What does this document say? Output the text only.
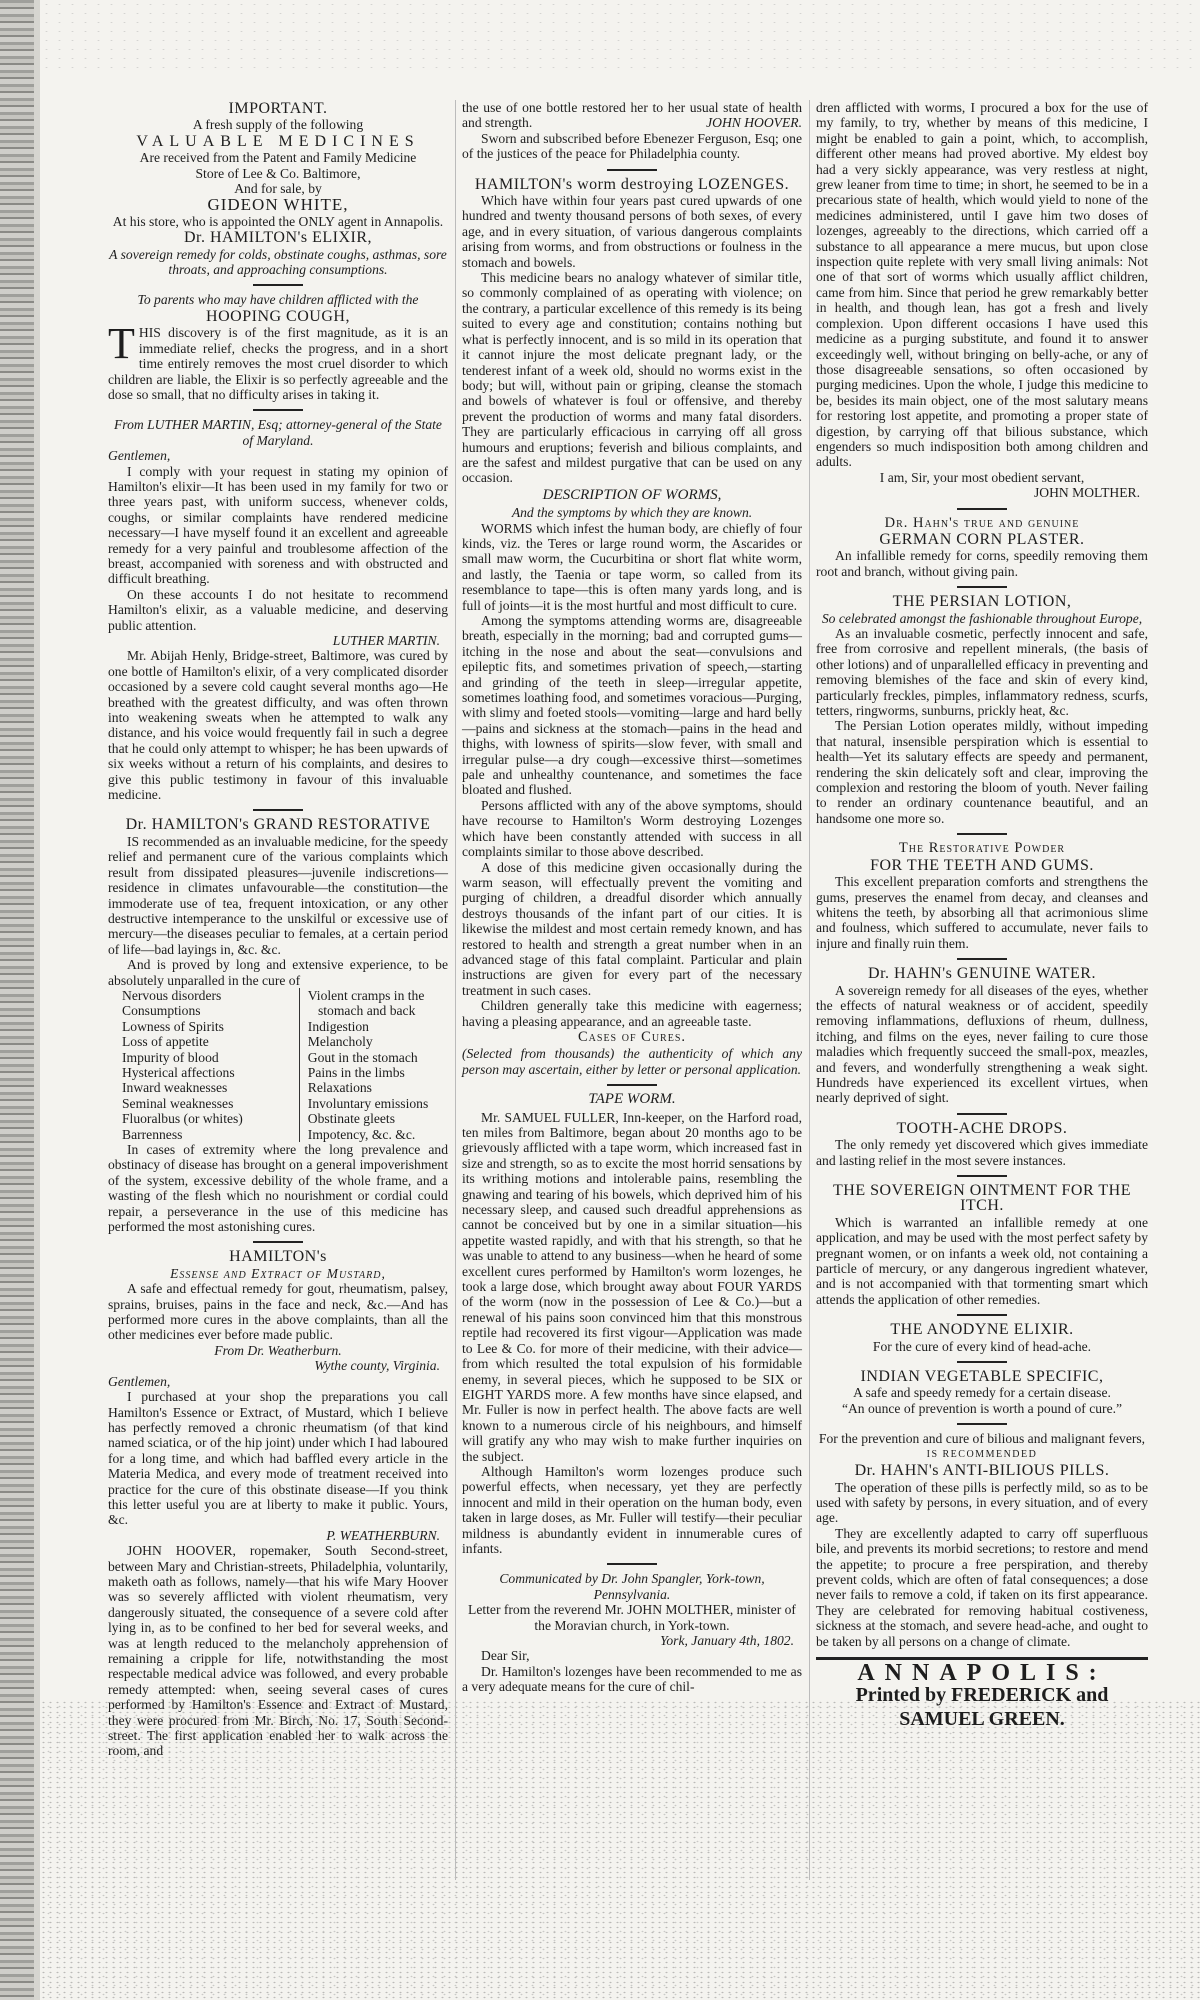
IMPORTANT.

A fresh supply of the following

VALUABLE MEDICINES

Are received from the Patent and Family Medicine

Store of Lee & Co. Baltimore,

And for sale, by

GIDEON WHITE,

At his store, who is appointed the ONLY agent in Annapolis.

Dr. HAMILTON's ELIXIR,

A sovereign remedy for colds, obstinate coughs, asthmas, sore throats, and approaching consumptions.

To parents who may have children afflicted with the

HOOPING COUGH,

THIS discovery is of the first magnitude, as it is an immediate relief, checks the progress, and in a short time entirely removes the most cruel disorder to which children are liable, the Elixir is so perfectly agreeable and the dose so small, that no difficulty arises in taking it.

From LUTHER MARTIN, Esq; attorney-general of the State of Maryland.

Gentlemen,

I comply with your request in stating my opinion of Hamilton's elixir—It has been used in my family for two or three years past, with uniform success, whenever colds, coughs, or similar complaints have rendered medicine necessary—I have myself found it an excellent and agreeable remedy for a very painful and troublesome affection of the breast, accompanied with soreness and with obstructed and difficult breathing.

On these accounts I do not hesitate to recommend Hamilton's elixir, as a valuable medicine, and deserving public attention.

LUTHER MARTIN.

Mr. Abijah Henly, Bridge-street, Baltimore, was cured by one bottle of Hamilton's elixir, of a very complicated disorder occasioned by a severe cold caught several months ago—He breathed with the greatest difficulty, and was often thrown into weakening sweats when he attempted to walk any distance, and his voice would frequently fail in such a degree that he could only attempt to whisper; he has been upwards of six weeks without a return of his complaints, and desires to give this public testimony in favour of this invaluable medicine.

Dr. HAMILTON's GRAND RESTORATIVE

IS recommended as an invaluable medicine, for the speedy relief and permanent cure of the various complaints which result from dissipated pleasures—juvenile indiscretions—residence in climates unfavourable—the constitution—the immoderate use of tea, frequent intoxication, or any other destructive intemperance to the unskilful or excessive use of mercury—the diseases peculiar to females, at a certain period of life—bad layings in, &c. &c.

And is proved by long and extensive experience, to be absolutely unparalled in the cure of

Nervous disorders
Consumptions
Lowness of Spirits
Loss of appetite
Impurity of blood
Hysterical affections
Inward weaknesses
Seminal weaknesses
Fluoralbus (or whites)
Barrenness
Violent cramps in the
stomach and back
Indigestion
Melancholy
Gout in the stomach
Pains in the limbs
Relaxations
Involuntary emissions
Obstinate gleets
Impotency, &c. &c.

In cases of extremity where the long prevalence and obstinacy of disease has brought on a general impoverishment of the system, excessive debility of the whole frame, and a wasting of the flesh which no nourishment or cordial could repair, a perseverance in the use of this medicine has performed the most astonishing cures.

HAMILTON's

Essense and Extract of Mustard,

A safe and effectual remedy for gout, rheumatism, palsey, sprains, bruises, pains in the face and neck, &c.—And has performed more cures in the above complaints, than all the other medicines ever before made public.

From Dr. Weatherburn.

Wythe county, Virginia.

Gentlemen,

I purchased at your shop the preparations you call Hamilton's Essence or Extract, of Mustard, which I believe has perfectly removed a chronic rheumatism (of that kind named sciatica, or of the hip joint) under which I had laboured for a long time, and which had baffled every article in the Materia Medica, and every mode of treatment received into practice for the cure of this obstinate disease—If you think this letter useful you are at liberty to make it public. Yours, &c.

P. WEATHERBURN.

JOHN HOOVER, ropemaker, South Second-street, between Mary and Christian-streets, Philadelphia, voluntarily, maketh oath as follows, namely—that his wife Mary Hoover was so severely afflicted with violent rheumatism, very dangerously situated, the consequence of a severe cold after lying in, as to be confined to her bed for several weeks, and was at length reduced to the melancholy apprehension of remaining a cripple for life, notwithstanding the most respectable medical advice was followed, and every probable remedy attempted: when, seeing several cases of cures performed by Hamilton's Essence and Extract of Mustard, they were procured from Mr. Birch, No. 17, South Second-street. The first application enabled her to walk across the room, and

the use of one bottle restored her to her usual state of health and strength.	JOHN HOOVER.

Sworn and subscribed before Ebenezer Ferguson, Esq; one of the justices of the peace for Philadelphia county.

HAMILTON's worm destroying LOZENGES.

Which have within four years past cured upwards of one hundred and twenty thousand persons of both sexes, of every age, and in every situation, of various dangerous complaints arising from worms, and from obstructions or foulness in the stomach and bowels.

This medicine bears no analogy whatever of similar title, so commonly complained of as operating with violence; on the contrary, a particular excellence of this remedy is its being suited to every age and constitution; contains nothing but what is perfectly innocent, and is so mild in its operation that it cannot injure the most delicate pregnant lady, or the tenderest infant of a week old, should no worms exist in the body; but will, without pain or griping, cleanse the stomach and bowels of whatever is foul or offensive, and thereby prevent the production of worms and many fatal disorders. They are particularly efficacious in carrying off all gross humours and eruptions; feverish and bilious complaints, and are the safest and mildest purgative that can be used on any occasion.

DESCRIPTION OF WORMS,

And the symptoms by which they are known.

WORMS which infest the human body, are chiefly of four kinds, viz. the Teres or large round worm, the Ascarides or small maw worm, the Cucurbitina or short flat white worm, and lastly, the Taenia or tape worm, so called from its resemblance to tape—this is often many yards long, and is full of joints—it is the most hurtful and most difficult to cure.

Among the symptoms attending worms are, disagreeable breath, especially in the morning; bad and corrupted gums—itching in the nose and about the seat—convulsions and epileptic fits, and sometimes privation of speech,—starting and grinding of the teeth in sleep—irregular appetite, sometimes loathing food, and sometimes voracious—Purging, with slimy and foeted stools—vomiting—large and hard belly—pains and sickness at the stomach—pains in the head and thighs, with lowness of spirits—slow fever, with small and irregular pulse—a dry cough—excessive thirst—sometimes pale and unhealthy countenance, and sometimes the face bloated and flushed.

Persons afflicted with any of the above symptoms, should have recourse to Hamilton's Worm destroying Lozenges which have been constantly attended with success in all complaints similar to those above described.

A dose of this medicine given occasionally during the warm season, will effectually prevent the vomiting and purging of children, a dreadful disorder which annually destroys thousands of the infant part of our cities. It is likewise the mildest and most certain remedy known, and has restored to health and strength a great number when in an advanced stage of this fatal complaint. Particular and plain instructions are given for every part of the necessary treatment in such cases.

Children generally take this medicine with eagerness; having a pleasing appearance, and an agreeable taste.

Cases of Cures.

(Selected from thousands) the authenticity of which any person may ascertain, either by letter or personal application.

TAPE WORM.

Mr. SAMUEL FULLER, Inn-keeper, on the Harford road, ten miles from Baltimore, began about 20 months ago to be grievously afflicted with a tape worm, which increased fast in size and strength, so as to excite the most horrid sensations by its writhing motions and intolerable pains, resembling the gnawing and tearing of his bowels, which deprived him of his necessary sleep, and caused such dreadful apprehensions as cannot be conceived but by one in a similar situation—his appetite wasted rapidly, and with that his strength, so that he was unable to attend to any business—when he heard of some excellent cures performed by Hamilton's worm lozenges, he took a large dose, which brought away about FOUR YARDS of the worm (now in the possession of Lee & Co.)—but a renewal of his pains soon convinced him that this monstrous reptile had recovered its first vigour—Application was made to Lee & Co. for more of their medicine, with their advice—from which resulted the total expulsion of his formidable enemy, in several pieces, which he supposed to be SIX or EIGHT YARDS more. A few months have since elapsed, and Mr. Fuller is now in perfect health. The above facts are well known to a numerous circle of his neighbours, and himself will gratify any who may wish to make further inquiries on the subject.

Although Hamilton's worm lozenges produce such powerful effects, when necessary, yet they are perfectly innocent and mild in their operation on the human body, even taken in large doses, as Mr. Fuller will testify—their peculiar mildness is abundantly evident in innumerable cures of infants.

Communicated by Dr. John Spangler, York-town, Pennsylvania.

Letter from the reverend Mr. JOHN MOLTHER, minister of the Moravian church, in York-town.

York, January 4th, 1802.

Dear Sir,

Dr. Hamilton's lozenges have been recommended to me as a very adequate means for the cure of chil-

dren afflicted with worms, I procured a box for the use of my family, to try, whether by means of this medicine, I might be enabled to gain a point, which, to accomplish, different other means had proved abortive. My eldest boy had a very sickly appearance, was very restless at night, grew leaner from time to time; in short, he seemed to be in a precarious state of health, which would yield to none of the medicines administered, until I gave him two doses of lozenges, agreeably to the directions, which carried off a substance to all appearance a mere mucus, but upon close inspection quite replete with very small living animals: Not one of that sort of worms which usually afflict children, came from him. Since that period he grew remarkably better in health, and though lean, has got a fresh and lively complexion. Upon different occasions I have used this medicine as a purging substitute, and found it to answer exceedingly well, without bringing on belly-ache, or any of those disagreeable sensations, so often occasioned by purging medicines. Upon the whole, I judge this medicine to be, besides its main object, one of the most salutary means for restoring lost appetite, and promoting a proper state of digestion, by carrying off that bilious substance, which engenders so much indisposition both among children and adults.

I am, Sir, your most obedient servant,

JOHN MOLTHER.

Dr. Hahn's true and genuine

GERMAN CORN PLASTER.

An infallible remedy for corns, speedily removing them root and branch, without giving pain.

THE PERSIAN LOTION,

So celebrated amongst the fashionable throughout Europe,

As an invaluable cosmetic, perfectly innocent and safe, free from corrosive and repellent minerals, (the basis of other lotions) and of unparallelled efficacy in preventing and removing blemishes of the face and skin of every kind, particularly freckles, pimples, inflammatory redness, scurfs, tetters, ringworms, sunburns, prickly heat, &c.

The Persian Lotion operates mildly, without impeding that natural, insensible perspiration which is essential to health—Yet its salutary effects are speedy and permanent, rendering the skin delicately soft and clear, improving the complexion and restoring the bloom of youth. Never failing to render an ordinary countenance beautiful, and an handsome one more so.

The Restorative Powder

FOR THE TEETH AND GUMS.

This excellent preparation comforts and strengthens the gums, preserves the enamel from decay, and cleanses and whitens the teeth, by absorbing all that acrimonious slime and foulness, which suffered to accumulate, never fails to injure and finally ruin them.

Dr. HAHN's GENUINE WATER.

A sovereign remedy for all diseases of the eyes, whether the effects of natural weakness or of accident, speedily removing inflammations, defluxions of rheum, dullness, itching, and films on the eyes, never failing to cure those maladies which frequently succeed the small-pox, meazles, and fevers, and wonderfully strengthening a weak sight. Hundreds have experienced its excellent virtues, when nearly deprived of sight.

TOOTH-ACHE DROPS.

The only remedy yet discovered which gives immediate and lasting relief in the most severe instances.

THE SOVEREIGN OINTMENT FOR THE ITCH.

Which is warranted an infallible remedy at one application, and may be used with the most perfect safety by pregnant women, or on infants a week old, not containing a particle of mercury, or any dangerous ingredient whatever, and is not accompanied with that tormenting smart which attends the application of other remedies.

THE ANODYNE ELIXIR.

For the cure of every kind of head-ache.

INDIAN VEGETABLE SPECIFIC,

A safe and speedy remedy for a certain disease.

“An ounce of prevention is worth a pound of cure.”

For the prevention and cure of bilious and malignant fevers,

IS RECOMMENDED

Dr. HAHN's ANTI-BILIOUS PILLS.

The operation of these pills is perfectly mild, so as to be used with safety by persons, in every situation, and of every age.

They are excellently adapted to carry off superfluous bile, and prevents its morbid secretions; to restore and mend the appetite; to procure a free perspiration, and thereby prevent colds, which are often of fatal consequences; a dose never fails to remove a cold, if taken on its first appearance. They are celebrated for removing habitual costiveness, sickness at the stomach, and severe head-ache, and ought to be taken by all persons on a change of climate.

ANNAPOLIS:

Printed by FREDERICK and SAMUEL GREEN.
